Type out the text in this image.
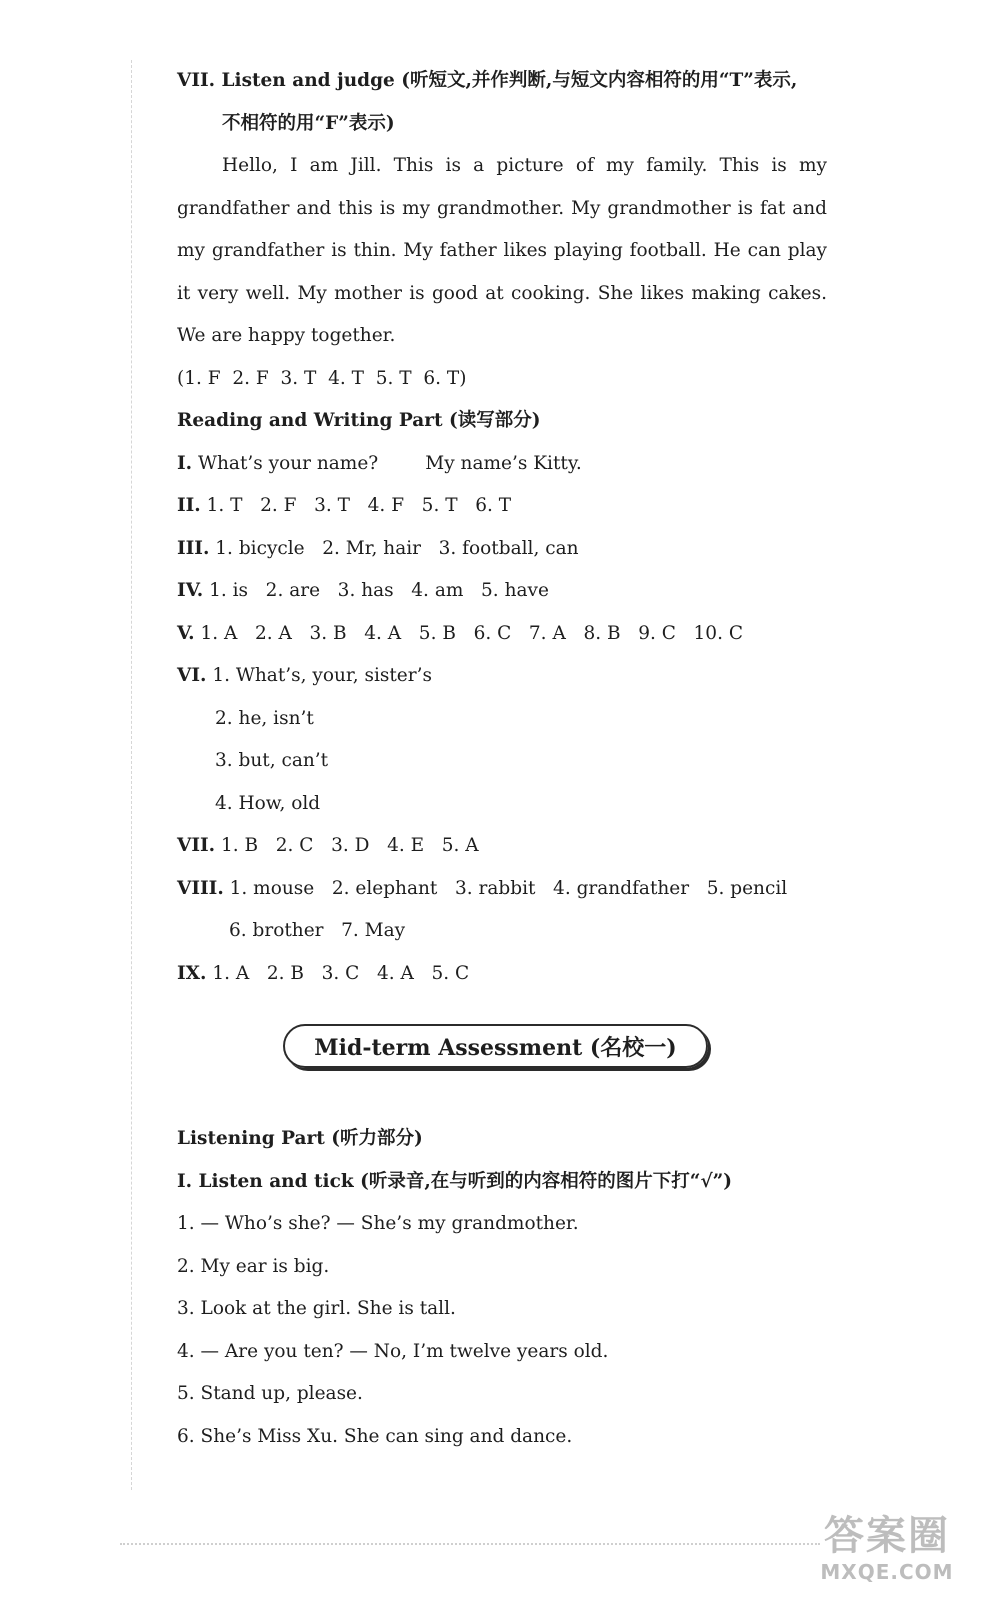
VII. Listen and judge (听短文,并作判断,与短文内容相符的用“T”表示,
不相符的用“F”表示)
Hello, I am Jill. This is a picture of my family. This is my grandfather and this is my grandmother. My grandmother is fat and my grandfather is thin. My father likes playing football. He can play it very well. My mother is good at cooking. She likes making cakes. We are happy together.
(1. F  2. F  3. T  4. T  5. T  6. T)
Reading and Writing Part (读写部分)
I. What’s your name?        My name’s Kitty.
II. 1. T   2. F   3. T   4. F   5. T   6. T
III. 1. bicycle   2. Mr, hair   3. football, can
IV. 1. is   2. are   3. has   4. am   5. have
V. 1. A   2. A   3. B   4. A   5. B   6. C   7. A   8. B   9. C   10. C
VI. 1. What’s, your, sister’s
2. he, isn’t
3. but, can’t
4. How, old
VII. 1. B   2. C   3. D   4. E   5. A
VIII. 1. mouse   2. elephant   3. rabbit   4. grandfather   5. pencil
6. brother   7. May
IX. 1. A   2. B   3. C   4. A   5. C
Mid-term Assessment (名校一)
Listening Part (听力部分)
I. Listen and tick (听录音,在与听到的内容相符的图片下打“√”)
1. — Who’s she? — She’s my grandmother.
2. My ear is big.
3. Look at the girl. She is tall.
4. — Are you ten? — No, I’m twelve years old.
5. Stand up, please.
6. She’s Miss Xu. She can sing and dance.
答案圈
MXQE.COM
